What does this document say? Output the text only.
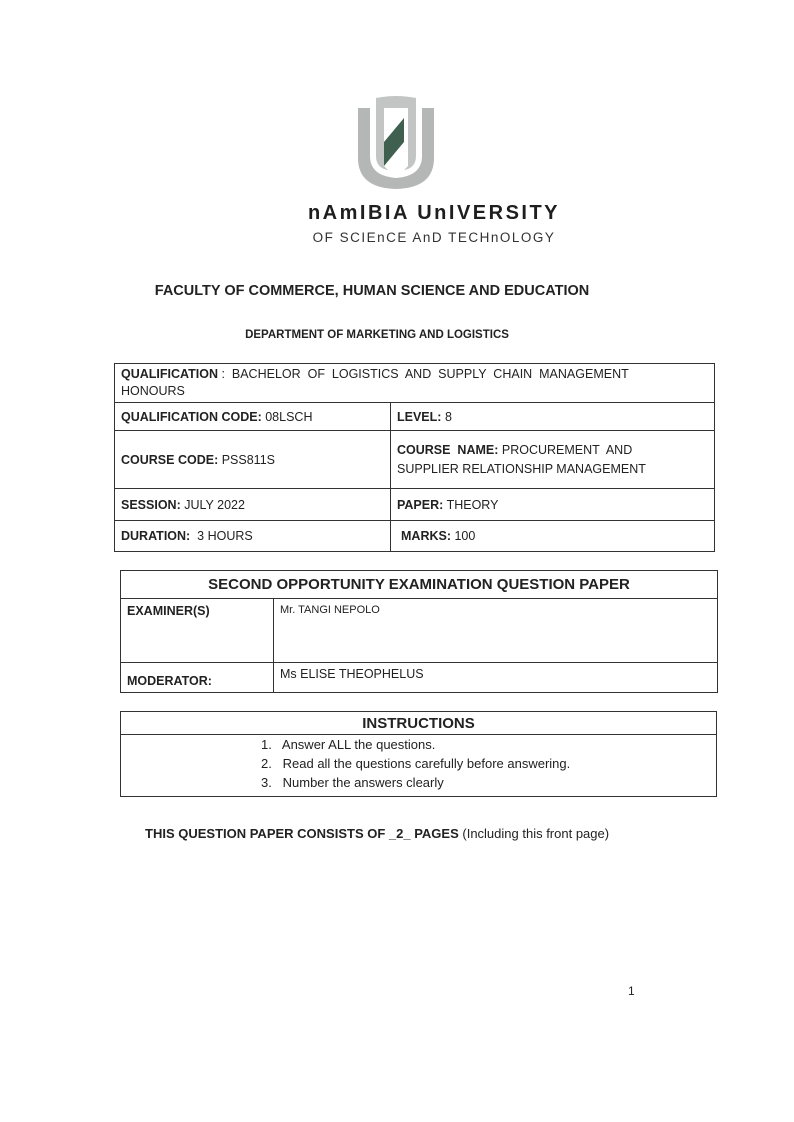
nAmIBIA UnIVERSITY
OF SCIEnCE AnD TECHnOLOGY
FACULTY OF COMMERCE, HUMAN SCIENCE AND EDUCATION
DEPARTMENT OF MARKETING AND LOGISTICS
QUALIFICATION :  BACHELOR  OF  LOGISTICS  AND  SUPPLY  CHAIN  MANAGEMENT HONOURS	
QUALIFICATION CODE: 08LSCH	LEVEL: 8
COURSE CODE: PSS811S	COURSE  NAME: PROCUREMENT  AND SUPPLIER RELATIONSHIP MANAGEMENT
SESSION: JULY 2022	PAPER: THEORY
DURATION: 3 HOURS	MARKS: 100
SECOND OPPORTUNITY EXAMINATION QUESTION PAPER	
EXAMINER(S)	Mr. TANGI NEPOLO
MODERATOR:	Ms ELISE THEOPHELUS
INSTRUCTIONS

1. Answer ALL the questions.
2. Read all the questions carefully before answering.
3. Number the answers clearly
THIS QUESTION PAPER CONSISTS OF _2_ PAGES (Including this front page)
1
